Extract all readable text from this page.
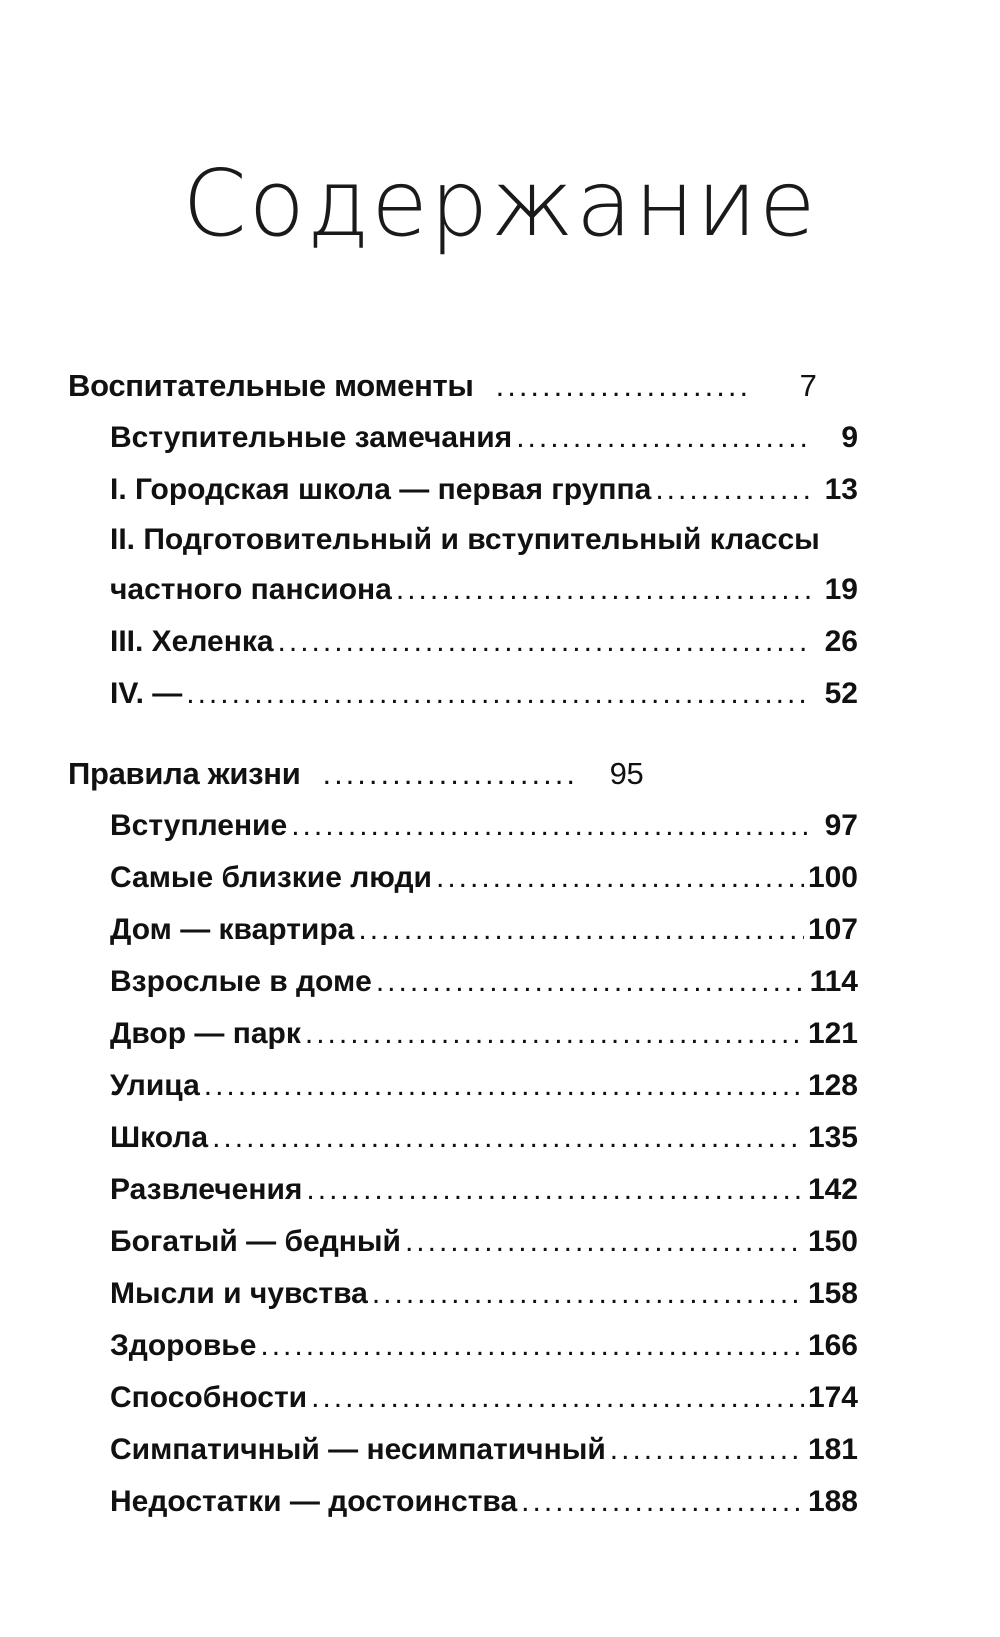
Содержание
Воспитательные моменты .....	7
Вступительные замечания .....	9
I. Городская школа — первая группа .....	13
II. Подготовительный и вступительный классы
частного пансиона .....	19
III. Хеленка .....	26
IV. — .....	52
Правила жизни .....	95
Вступление .....	97
Самые близкие люди .....	100
Дом — квартира .....	107
Взрослые в доме .....	114
Двор — парк .....	121
Улица .....	128
Школа .....	135
Развлечения .....	142
Богатый — бедный .....	150
Мысли и чувства .....	158
Здоровье .....	166
Способности .....	174
Симпатичный — несимпатичный .....	181
Недостатки — достоинства .....	188
